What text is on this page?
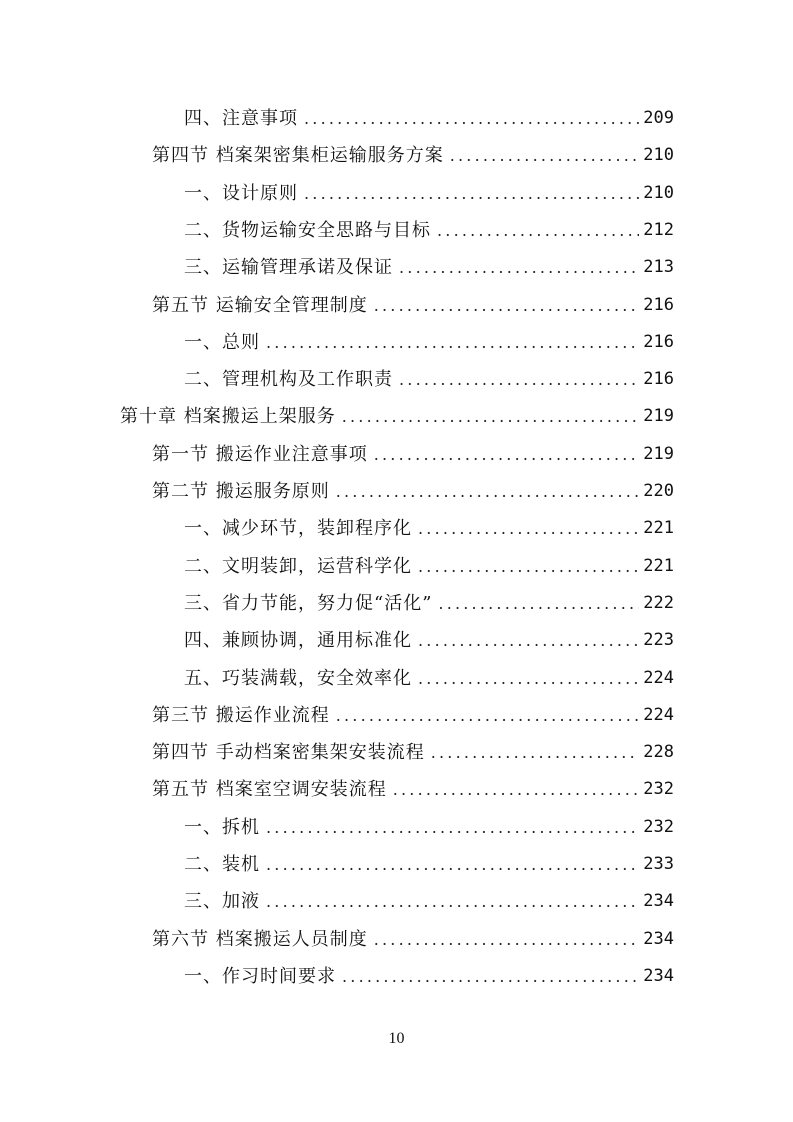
四、注意事项 .....	209
第四节 档案架密集柜运输服务方案 .....	210
一、设计原则 .....	210
二、货物运输安全思路与目标 .....	212
三、运输管理承诺及保证 .....	213
第五节 运输安全管理制度 .....	216
一、总则 .....	216
二、管理机构及工作职责 .....	216
第十章 档案搬运上架服务 .....	219
第一节 搬运作业注意事项 .....	219
第二节 搬运服务原则 .....	220
一、减少环节，装卸程序化 .....	221
二、文明装卸，运营科学化 .....	221
三、省力节能，努力促“活化” .....	222
四、兼顾协调，通用标准化 .....	223
五、巧装满载，安全效率化 .....	224
第三节 搬运作业流程 .....	224
第四节 手动档案密集架安装流程 .....	228
第五节 档案室空调安装流程 .....	232
一、拆机 .....	232
二、装机 .....	233
三、加液 .....	234
第六节 档案搬运人员制度 .....	234
一、作习时间要求 .....	234
10
